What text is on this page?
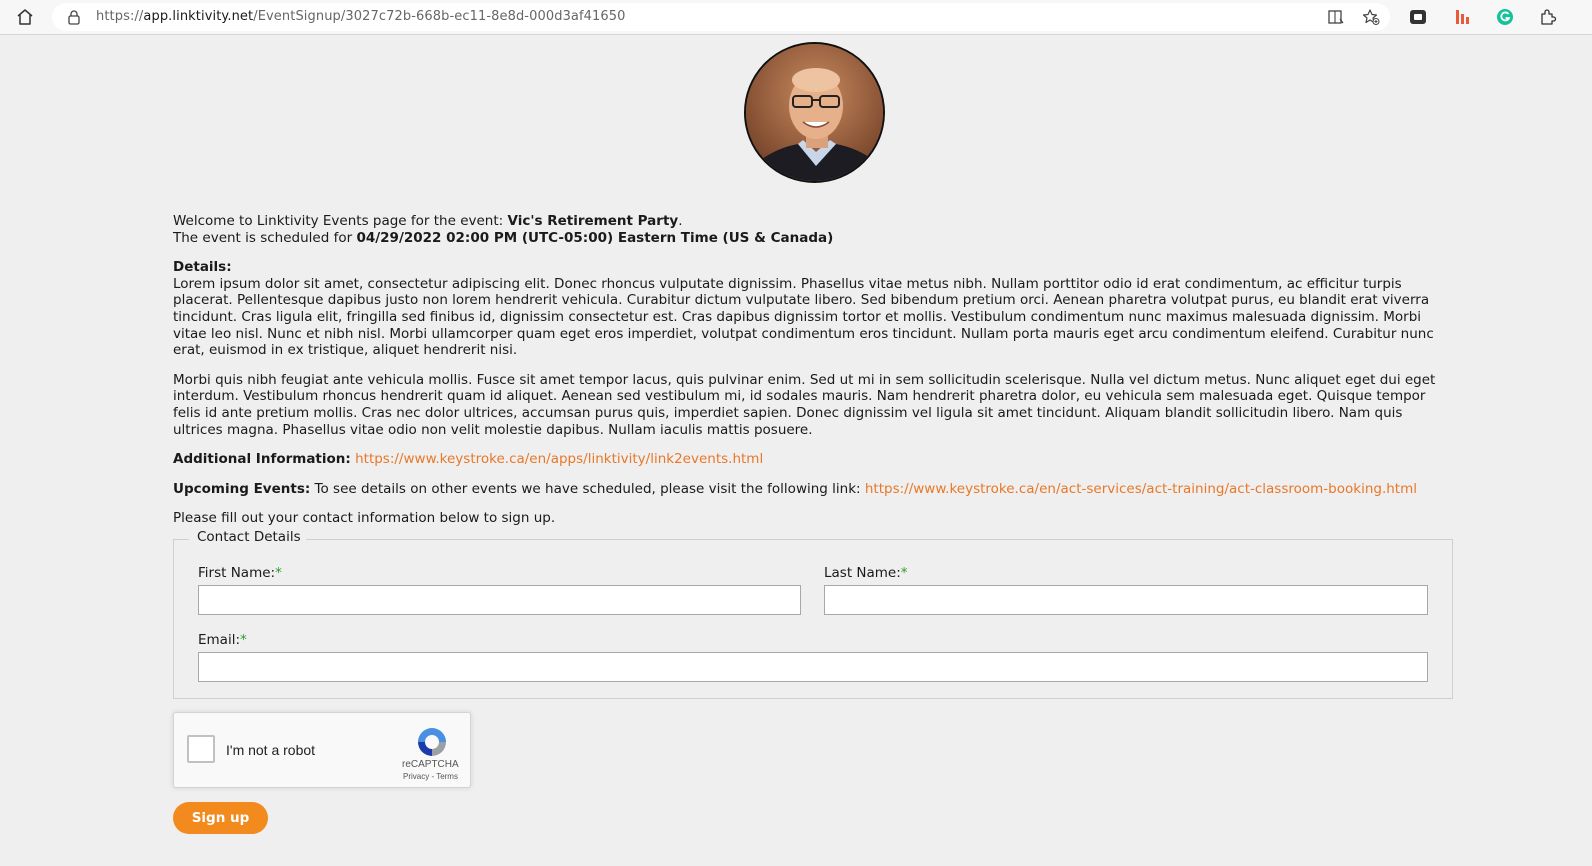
https://app.linktivity.net/EventSignup/3027c72b-668b-ec11-8e8d-000d3af41650

Welcome to Linktivity Events page for the event: Vic's Retirement Party.

The event is scheduled for 04/29/2022 02:00 PM (UTC-05:00) Eastern Time (US & Canada)

Details:

Lorem ipsum dolor sit amet, consectetur adipiscing elit. Donec rhoncus vulputate dignissim. Phasellus vitae metus nibh. Nullam porttitor odio id erat condimentum, ac efficitur turpis placerat. Pellentesque dapibus justo non lorem hendrerit vehicula. Curabitur dictum vulputate libero. Sed bibendum pretium orci. Aenean pharetra volutpat purus, eu blandit erat viverra tincidunt. Cras ligula elit, fringilla sed finibus id, dignissim consectetur est. Cras dapibus dignissim tortor et mollis. Vestibulum condimentum nunc maximus malesuada dignissim. Morbi vitae leo nisl. Nunc et nibh nisl. Morbi ullamcorper quam eget eros imperdiet, volutpat condimentum eros tincidunt. Nullam porta mauris eget arcu condimentum eleifend. Curabitur nunc erat, euismod in ex tristique, aliquet hendrerit nisi.

Morbi quis nibh feugiat ante vehicula mollis. Fusce sit amet tempor lacus, quis pulvinar enim. Sed ut mi in sem sollicitudin scelerisque. Nulla vel dictum metus. Nunc aliquet eget dui eget interdum. Vestibulum rhoncus hendrerit quam id aliquet. Aenean sed vestibulum mi, id sodales mauris. Nam hendrerit pharetra dolor, eu vehicula sem malesuada eget. Quisque tempor felis id ante pretium mollis. Cras nec dolor ultrices, accumsan purus quis, imperdiet sapien. Donec dignissim vel ligula sit amet tincidunt. Aliquam blandit sollicitudin libero. Nam quis ultrices magna. Phasellus vitae odio non velit molestie dapibus. Nullam iaculis mattis posuere.

Additional Information: https://www.keystroke.ca/en/apps/linktivity/link2events.html

Upcoming Events: To see details on other events we have scheduled, please visit the following link: https://www.keystroke.ca/en/act-services/act-training/act-classroom-booking.html

Please fill out your contact information below to sign up.

Contact Details
First Name:*	Last Name:*
Email:*
I'm not a robot
reCAPTCHA
Privacy - Terms
Sign up
